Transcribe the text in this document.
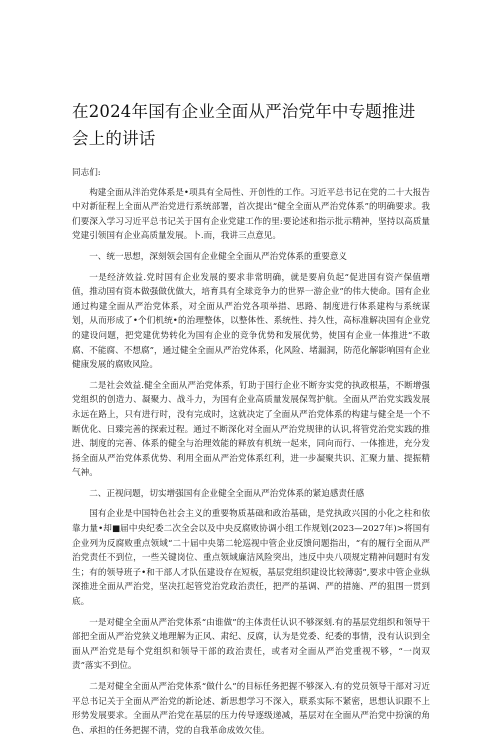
在2024年国有企业全面从严治党年中专题推进会上的讲话

同志们:

构建全面从泮治党体系是•项具有全局性、开创性的工作。习近平总书记在党的二十大报告中对新征程上全面从严治党进行系统部署，首次提出“健全全面从严治党体系”的明确要求。我们要深入学习习近平总书记关于国有企业党建工作的里:要论述和指示批示精神，坚持以高质量党建引领国有企业高质量发展。卜.而，我讲三点意见。

一、统一思想，深刻领会国有企业健全全面从严治党体系的重要意义

一是经济效益.党时国有企业发展的要求非常明确，就是要肩负起“促进国有资产保值增值，推动国有资本做强做优做大，培育具有全球竞争力的世界一游企业”的伟大使命。国有企业通过构建全面从严治党体系，对全面从严治党各项举措、思路、制度进行体系建构与系统谋划，从而形成了•个们机统•的治理整体，以整体性、系统性、持久性，高标准解决国有企业党的建设问题，把党建优势转化为国有企业的竞争优势和发展优势，使国有企业一体推进“不敢腐、不能腐、不想腐”，通过健全全面从严治党体系，化风险、堵漏洞，防范化解影响国有企业健康发展的腐败风险。

二是社会效益.健全全面从严治党体系，钉助于国行企业不断夯实党的执政根基，不断增强党组织的创造力、凝聚力、战斗力，为国有企业高质量发展保驾护航。全面从严治党实践发展永远在路上，只有进行时，没有完成时，这就决定了全面从严治党体系的构建与健全是一个不断优化、日臻完善的探索过程。通过不断深化对全面从严治党规律的认识,将管党治党实践的推进、制度的完善、体系的健全与治理效能的释放有机统一起来，同向而行、一体推进，充分发扬全面从严治党体系优势、利用全面从严治党体系红利，进一步凝聚共识、汇聚力量、提振精气神。

二、正视问题，切实增强国有企业健全全面从严治党体系的紧迫感责任感

国有企业是中国特色社会主义的重要物质基础和政治基础，是党执政兴国的小化之柱和依靠力量•却■届中央纪委二次全会以及中央反腐败协调小组工作规划(2023—2027年)>将国有企业列为反腐败重点领域“二十届中央第二轮巡视中管企业反馈问题指出，“有的履行全面从严治党责任不到位，一些关键岗位、重点领域廉洁风险突出，违反中央八项规定精神问题时有发生；有的领导班子•和干部人才队伍建设存在短板，基层党组织建设比较薄弱”,要求中管企业纵深推进全面从严治党，坚决扛起管党治党政治责任，把严的基调、严的措施、严的狙围一贯到底。

一是对健全全面从严治党体系“由谁做”的主体责任认识不够深刻.有的基层党组织和领导干部把全面从严治党狭义地理解为正风、肃纪、反腐，认为是党委、纪委的事情，没有认识到全面从严治党是每个党组织和领导干部的政治责任，或者对全面从严治党重视不够，“一岗双责”落实不到位。

二是对健全全面从严治党体系“做什么”的目标任务把握不够深入.有的党员领导干部对习近平总书记关于全面从严治党的新论述、新思想学习不深入，联系实际不紧密，思想认识跟不上形势发展要求。全面从严治党在基层的压力传导逐级递减，基层对在全面从严治党中扮演的角色、承担的任务把握不清，党的自我革命成效欠佳。
